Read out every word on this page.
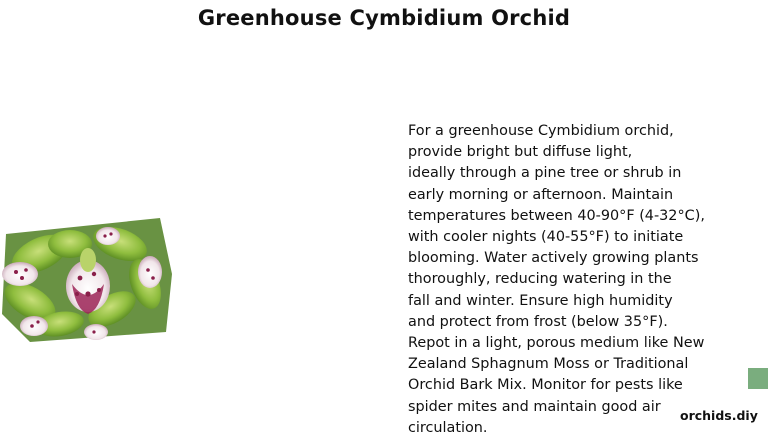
Greenhouse Cymbidium Orchid
For a greenhouse Cymbidium orchid,
provide bright but diffuse light,
ideally through a pine tree or shrub in
early morning or afternoon. Maintain
temperatures between 40-90°F (4-32°C),
with cooler nights (40-55°F) to initiate
blooming. Water actively growing plants
thoroughly, reducing watering in the
fall and winter. Ensure high humidity
and protect from frost (below 35°F).
Repot in a light, porous medium like New
Zealand Sphagnum Moss or Traditional
Orchid Bark Mix. Monitor for pests like
spider mites and maintain good air
circulation.
orchids.diy
